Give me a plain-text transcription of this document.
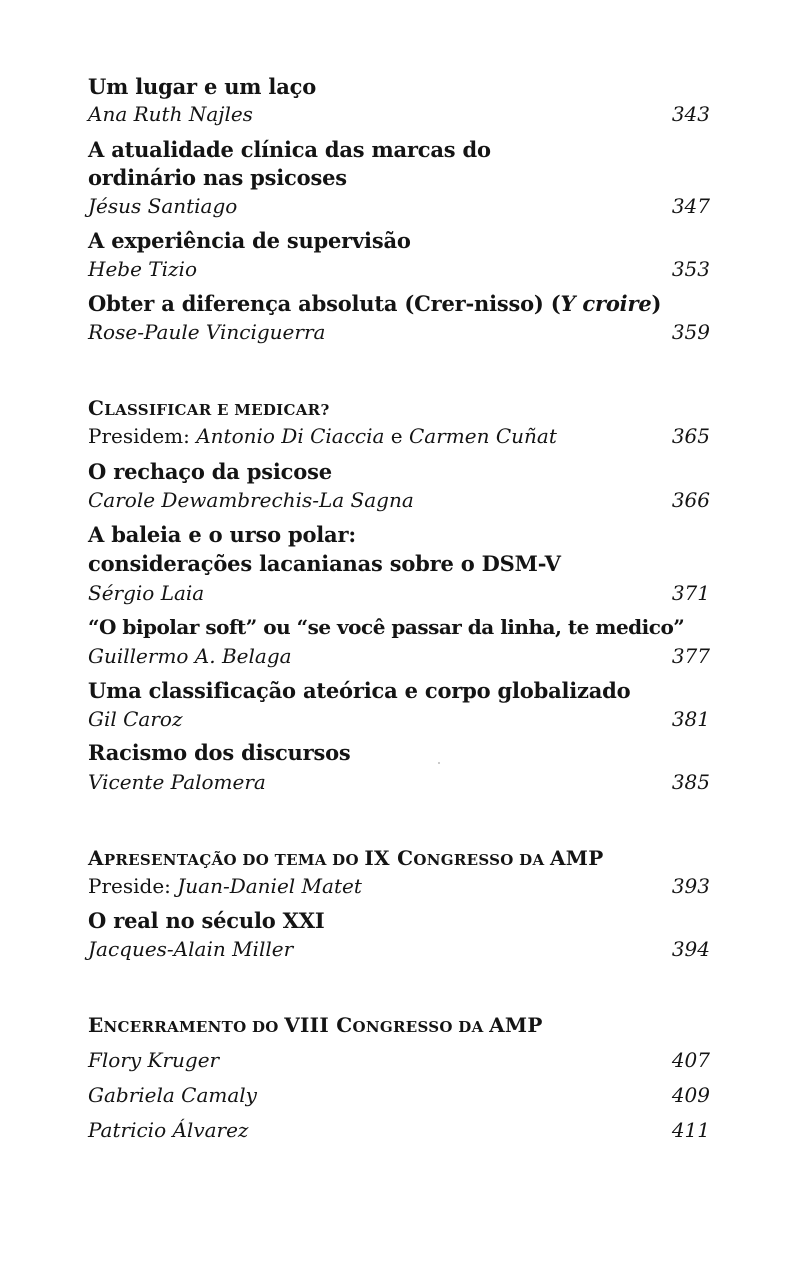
Um lugar e um laço
Ana Ruth Najles	343
A atualidade clínica das marcas do
ordinário nas psicoses
Jésus Santiago	347
A experiência de supervisão
Hebe Tizio	353
Obter a diferença absoluta (Crer-nisso) (Y croire)
Rose-Paule Vinciguerra	359
CLASSIFICAR E MEDICAR?
Presidem: Antonio Di Ciaccia e Carmen Cuñat	365
O rechaço da psicose
Carole Dewambrechis-La Sagna	366
A baleia e o urso polar:
considerações lacanianas sobre o DSM-V
Sérgio Laia	371
“O bipolar soft” ou “se você passar da linha, te medico”
Guillermo A. Belaga	377
Uma classificação ateórica e corpo globalizado
Gil Caroz	381
Racismo dos discursos
Vicente Palomera	385
APRESENTAÇÃO DO TEMA DO IX CONGRESSO DA AMP
Preside: Juan-Daniel Matet	393
O real no século XXI
Jacques-Alain Miller	394
ENCERRAMENTO DO VIII CONGRESSO DA AMP
Flory Kruger	407
Gabriela Camaly	409
Patricio Álvarez	411
